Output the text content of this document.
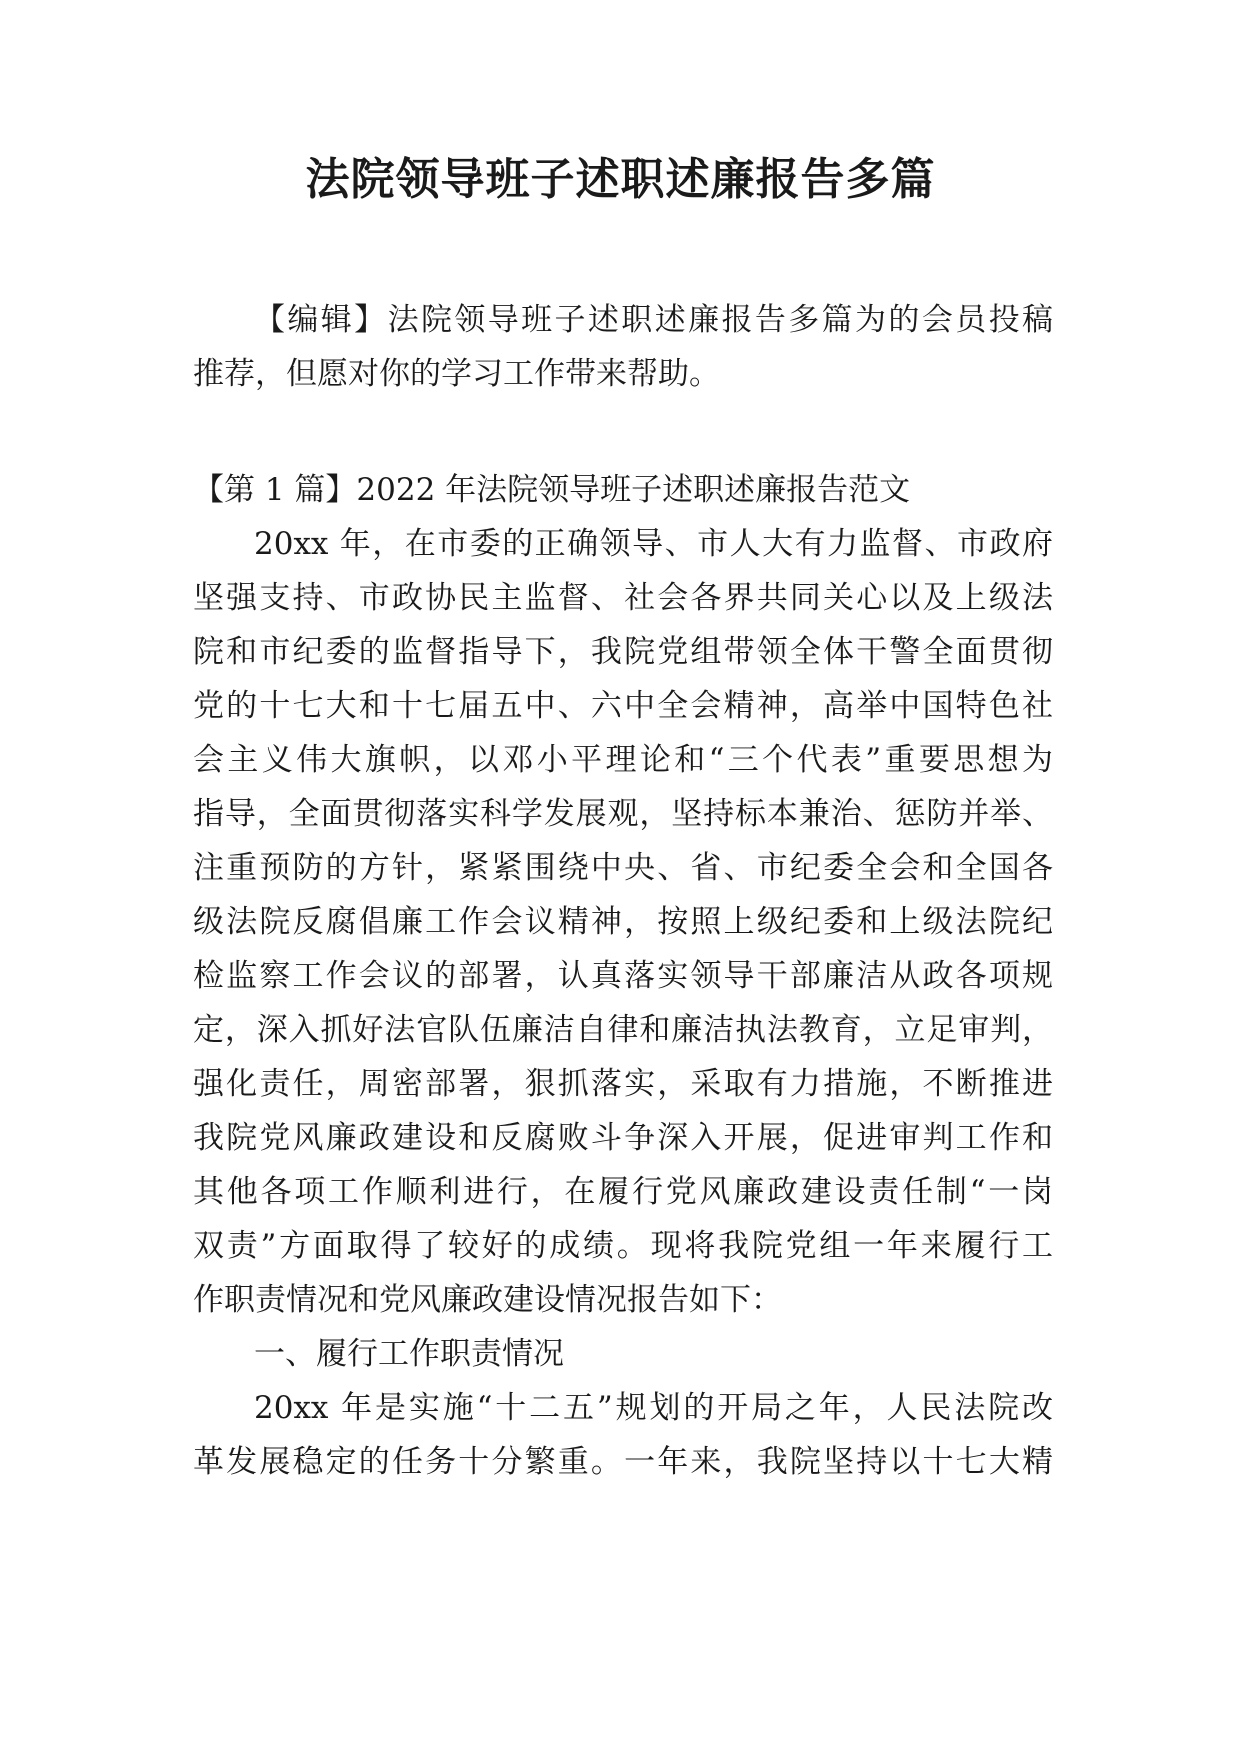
法院领导班子述职述廉报告多篇

【编辑】法院领导班子述职述廉报告多篇为的会员投稿

推荐，但愿对你的学习工作带来帮助。

【第 1 篇】2022 年法院领导班子述职述廉报告范文

20xx 年，在市委的正确领导、市人大有力监督、市政府

坚强支持、市政协民主监督、社会各界共同关心以及上级法

院和市纪委的监督指导下，我院党组带领全体干警全面贯彻

党的十七大和十七届五中、六中全会精神，高举中国特色社

会主义伟大旗帜，以邓小平理论和“三个代表”重要思想为

指导，全面贯彻落实科学发展观，坚持标本兼治、惩防并举、

注重预防的方针，紧紧围绕中央、省、市纪委全会和全国各

级法院反腐倡廉工作会议精神，按照上级纪委和上级法院纪

检监察工作会议的部署，认真落实领导干部廉洁从政各项规

定，深入抓好法官队伍廉洁自律和廉洁执法教育，立足审判，

强化责任，周密部署，狠抓落实，采取有力措施，不断推进

我院党风廉政建设和反腐败斗争深入开展，促进审判工作和

其他各项工作顺利进行，在履行党风廉政建设责任制“一岗

双责”方面取得了较好的成绩。现将我院党组一年来履行工

作职责情况和党风廉政建设情况报告如下：

一、履行工作职责情况

20xx 年是实施“十二五”规划的开局之年，人民法院改

革发展稳定的任务十分繁重。一年来，我院坚持以十七大精
